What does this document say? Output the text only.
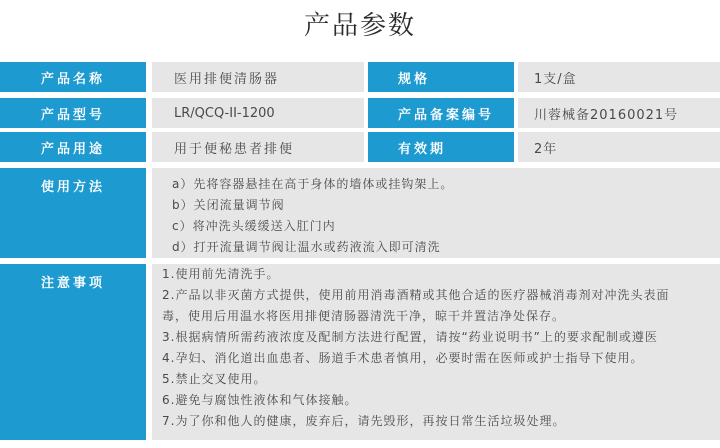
产品参数
产品名称	医用排便清肠器	规格	1支/盒
产品型号	LR/QCQ-II-1200	产品备案编号	川蓉械备20160021号
产品用途	用于便秘患者排便	有效期	2年
使用方法	a）先将容器悬挂在高于身体的墙体或挂钩架上。
b）关闭流量调节阀
c）将冲洗头缓缓送入肛门内
d）打开流量调节阀让温水或药液流入即可清洗
注意事项
1.使用前先清洗手。
2.产品以非灭菌方式提供，使用前用消毒酒精或其他合适的医疗器械消毒剂对冲洗头表面
毒，使用后用温水将医用排便清肠器清洗干净，晾干并置洁净处保存。
3.根据病情所需药液浓度及配制方法进行配置，请按“药业说明书”上的要求配制或遵医
4.孕妇、消化道出血患者、肠道手术患者慎用，必要时需在医师或护士指导下使用。
5.禁止交叉使用。
6.避免与腐蚀性液体和气体接触。
7.为了你和他人的健康，废弃后，请先毁形，再按日常生活垃圾处理。
